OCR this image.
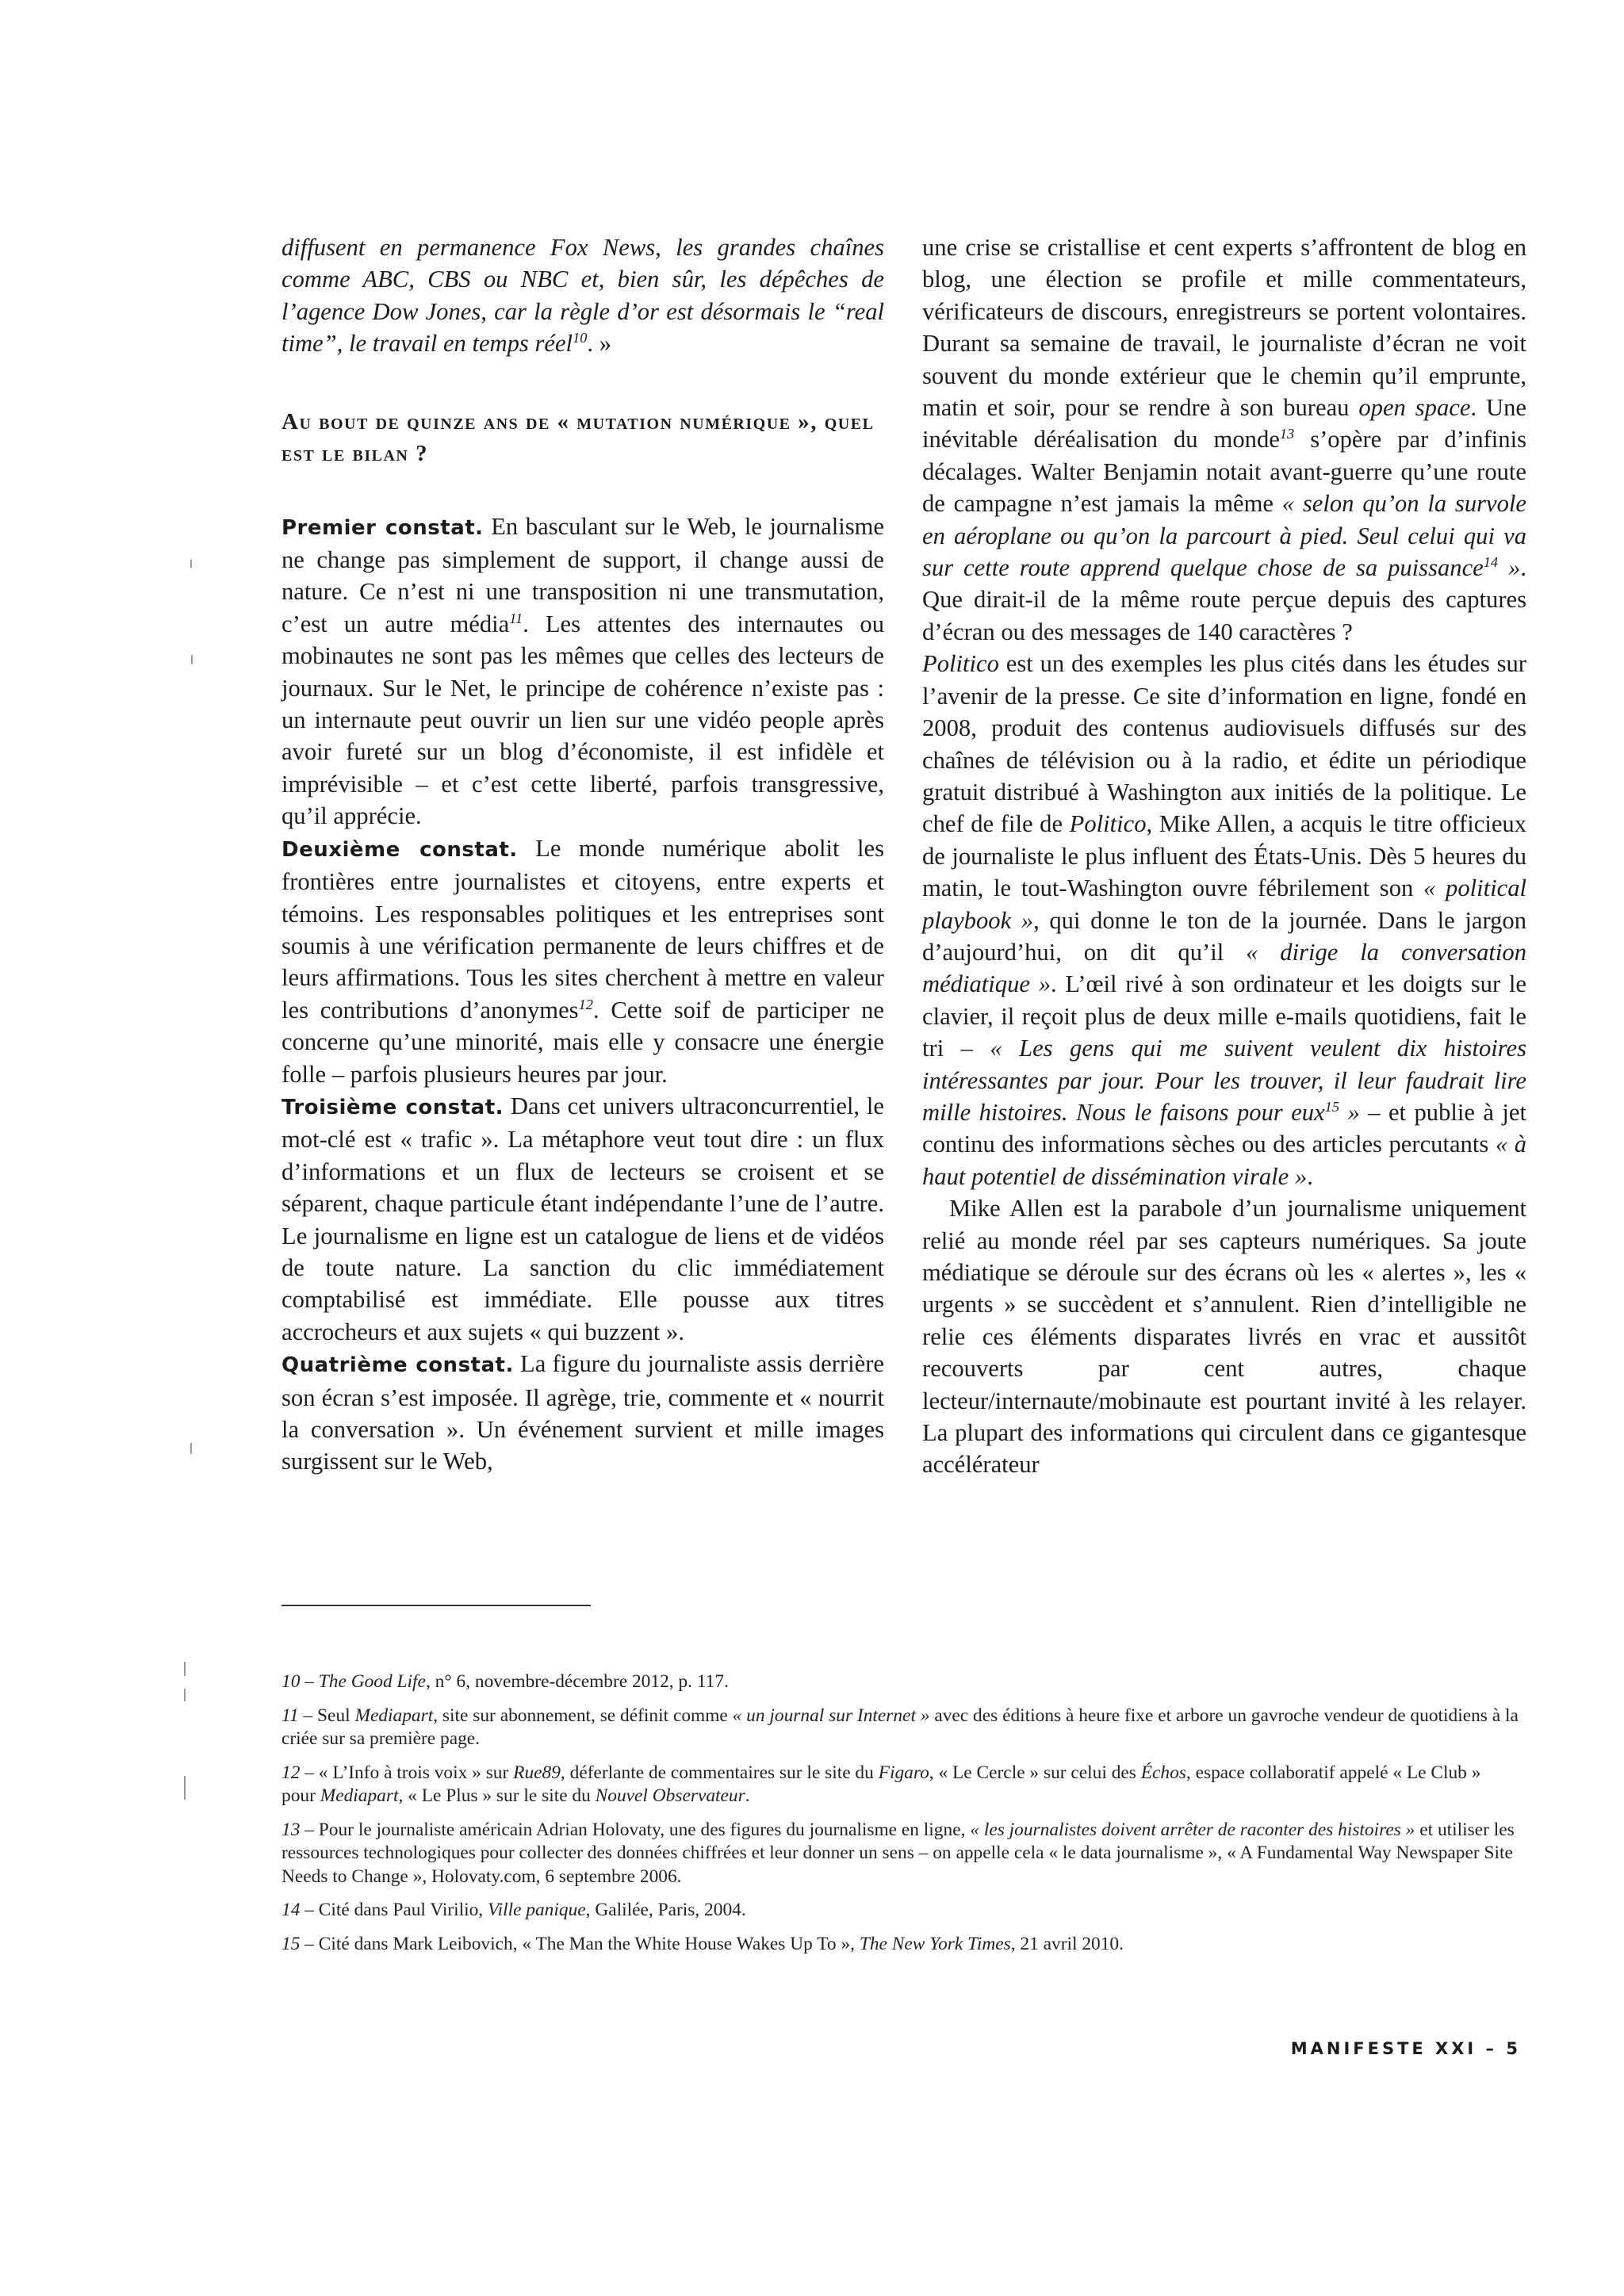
diffusent en permanence Fox News, les grandes chaînes comme ABC, CBS ou NBC et, bien sûr, les dépêches de l’agence Dow Jones, car la règle d’or est désormais le “real time”, le travail en temps réel$^{10}$. »

Au bout de quinze ans de « mutation numérique », quel est le bilan ?

Premier constat. En basculant sur le Web, le journalisme ne change pas simplement de support, il change aussi de nature. Ce n’est ni une transposition ni une transmutation, c’est un autre média$^{11}$. Les attentes des internautes ou mobinautes ne sont pas les mêmes que celles des lecteurs de journaux. Sur le Net, le principe de cohérence n’existe pas : un internaute peut ouvrir un lien sur une vidéo people après avoir fureté sur un blog d’économiste, il est infidèle et imprévisible – et c’est cette liberté, parfois transgressive, qu’il apprécie.

Deuxième constat. Le monde numérique abolit les frontières entre journalistes et citoyens, entre experts et témoins. Les responsables politiques et les entreprises sont soumis à une vérification permanente de leurs chiffres et de leurs affirmations. Tous les sites cherchent à mettre en valeur les contributions d’anonymes$^{12}$. Cette soif de participer ne concerne qu’une minorité, mais elle y consacre une énergie folle – parfois plusieurs heures par jour.

Troisième constat. Dans cet univers ultraconcurrentiel, le mot-clé est « trafic ». La métaphore veut tout dire : un flux d’informations et un flux de lecteurs se croisent et se séparent, chaque particule étant indépendante l’une de l’autre. Le journalisme en ligne est un catalogue de liens et de vidéos de toute nature. La sanction du clic immédiatement comptabilisé est immédiate. Elle pousse aux titres accrocheurs et aux sujets « qui buzzent ».

Quatrième constat. La figure du journaliste assis derrière son écran s’est imposée. Il agrège, trie, commente et « nourrit la conversation ». Un événement survient et mille images surgissent sur le Web,

une crise se cristallise et cent experts s’affrontent de blog en blog, une élection se profile et mille commentateurs, vérificateurs de discours, enregistreurs se portent volontaires. Durant sa semaine de travail, le journaliste d’écran ne voit souvent du monde extérieur que le chemin qu’il emprunte, matin et soir, pour se rendre à son bureau open space. Une inévitable déréalisation du monde$^{13}$ s’opère par d’infinis décalages. Walter Benjamin notait avant-guerre qu’une route de campagne n’est jamais la même « selon qu’on la survole en aéroplane ou qu’on la parcourt à pied. Seul celui qui va sur cette route apprend quelque chose de sa puissance$^{14}$ ». Que dirait-il de la même route perçue depuis des captures d’écran ou des messages de 140 caractères ?

Politico est un des exemples les plus cités dans les études sur l’avenir de la presse. Ce site d’information en ligne, fondé en 2008, produit des contenus audiovisuels diffusés sur des chaînes de télévision ou à la radio, et édite un périodique gratuit distribué à Washington aux initiés de la politique. Le chef de file de Politico, Mike Allen, a acquis le titre officieux de journaliste le plus influent des États-Unis. Dès 5 heures du matin, le tout-Washington ouvre fébrilement son « political playbook », qui donne le ton de la journée. Dans le jargon d’aujourd’hui, on dit qu’il « dirige la conversation médiatique ». L’œil rivé à son ordinateur et les doigts sur le clavier, il reçoit plus de deux mille e-mails quotidiens, fait le tri – « Les gens qui me suivent veulent dix histoires intéressantes par jour. Pour les trouver, il leur faudrait lire mille histoires. Nous le faisons pour eux$^{15}$ » – et publie à jet continu des informations sèches ou des articles percutants « à haut potentiel de dissémination virale ».

Mike Allen est la parabole d’un journalisme uniquement relié au monde réel par ses capteurs numériques. Sa joute médiatique se déroule sur des écrans où les « alertes », les « urgents » se succèdent et s’annulent. Rien d’intelligible ne relie ces éléments disparates livrés en vrac et aussitôt recouverts par cent autres, chaque lecteur/internaute/mobinaute est pourtant invité à les relayer. La plupart des informations qui circulent dans ce gigantesque accélérateur

10 – The Good Life, n° 6, novembre-décembre 2012, p. 117.

11 – Seul Mediapart, site sur abonnement, se définit comme « un journal sur Internet » avec des éditions à heure fixe et arbore un gavroche vendeur de quotidiens à la criée sur sa première page.

12 – « L’Info à trois voix » sur Rue89, déferlante de commentaires sur le site du Figaro, « Le Cercle » sur celui des Échos, espace collaboratif appelé « Le Club » pour Mediapart, « Le Plus » sur le site du Nouvel Observateur.

13 – Pour le journaliste américain Adrian Holovaty, une des figures du journalisme en ligne, « les journalistes doivent arrêter de raconter des histoires » et utiliser les ressources technologiques pour collecter des données chiffrées et leur donner un sens – on appelle cela « le data journalisme », « A Fundamental Way Newspaper Site Needs to Change », Holovaty.com, 6 septembre 2006.

14 – Cité dans Paul Virilio, Ville panique, Galilée, Paris, 2004.

15 – Cité dans Mark Leibovich, « The Man the White House Wakes Up To », The New York Times, 21 avril 2010.

MANIFESTE XXI – 5
